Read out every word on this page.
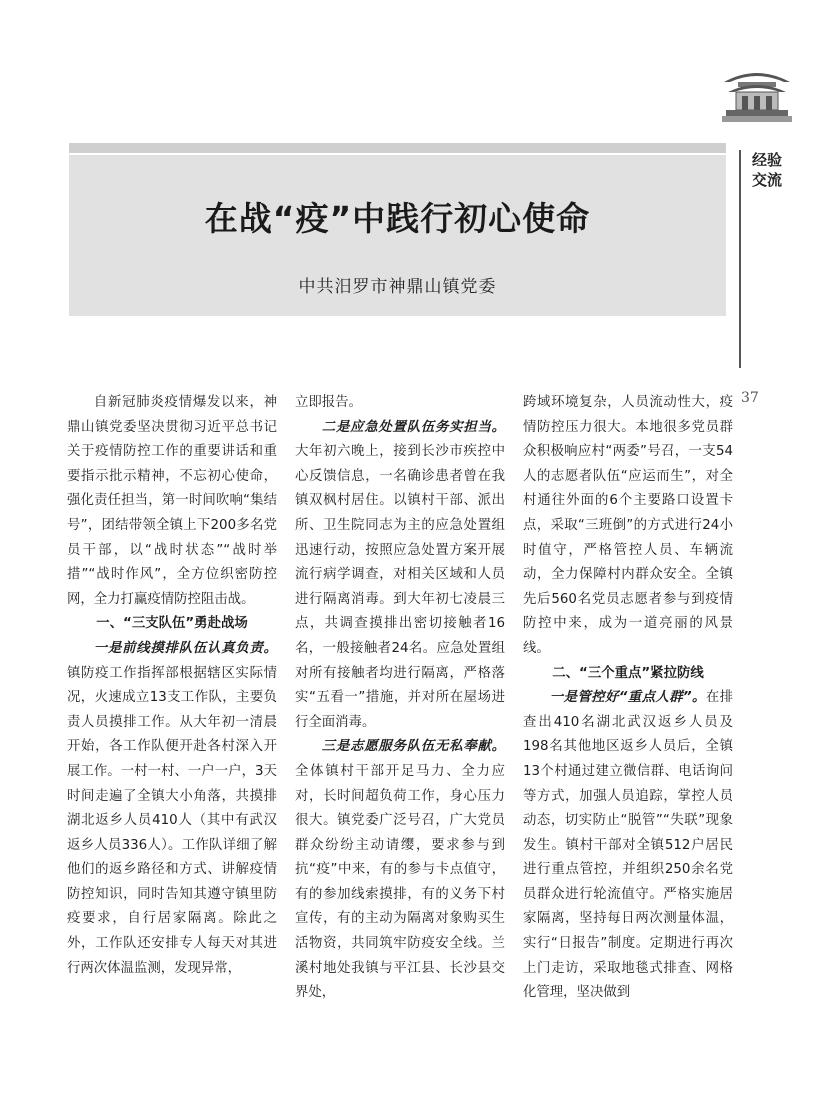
经验交流
37
在战“疫”中践行初心使命
中共汨罗市神鼎山镇党委

自新冠肺炎疫情爆发以来，神鼎山镇党委坚决贯彻习近平总书记关于疫情防控工作的重要讲话和重要指示批示精神，不忘初心使命，强化责任担当，第一时间吹响“集结号”，团结带领全镇上下200多名党员干部，以“战时状态”“战时举措”“战时作风”，全方位织密防控网，全力打赢疫情防控阻击战。

一、“三支队伍”勇赴战场

一是前线摸排队伍认真负责。镇防疫工作指挥部根据辖区实际情况，火速成立13支工作队，主要负责人员摸排工作。从大年初一清晨开始，各工作队便开赴各村深入开展工作。一村一村、一户一户，3天时间走遍了全镇大小角落，共摸排湖北返乡人员410人（其中有武汉返乡人员336人）。工作队详细了解他们的返乡路径和方式、讲解疫情防控知识，同时告知其遵守镇里防疫要求，自行居家隔离。除此之外，工作队还安排专人每天对其进行两次体温监测，发现异常，

立即报告。

二是应急处置队伍务实担当。大年初六晚上，接到长沙市疾控中心反馈信息，一名确诊患者曾在我镇双枫村居住。以镇村干部、派出所、卫生院同志为主的应急处置组迅速行动，按照应急处置方案开展流行病学调查，对相关区域和人员进行隔离消毒。到大年初七凌晨三点，共调查摸排出密切接触者16名，一般接触者24名。应急处置组对所有接触者均进行隔离，严格落实“五看一”措施，并对所在屋场进行全面消毒。

三是志愿服务队伍无私奉献。全体镇村干部开足马力、全力应对，长时间超负荷工作，身心压力很大。镇党委广泛号召，广大党员群众纷纷主动请缨，要求参与到抗“疫”中来，有的参与卡点值守，有的参加线索摸排，有的义务下村宣传，有的主动为隔离对象购买生活物资，共同筑牢防疫安全线。兰溪村地处我镇与平江县、长沙县交界处，

跨域环境复杂，人员流动性大，疫情防控压力很大。本地很多党员群众积极响应村“两委”号召，一支54人的志愿者队伍“应运而生”，对全村通往外面的6个主要路口设置卡点，采取“三班倒”的方式进行24小时值守，严格管控人员、车辆流动，全力保障村内群众安全。全镇先后560名党员志愿者参与到疫情防控中来，成为一道亮丽的风景线。

二、“三个重点”紧拉防线

一是管控好“重点人群”。在排查出410名湖北武汉返乡人员及198名其他地区返乡人员后，全镇13个村通过建立微信群、电话询问等方式，加强人员追踪，掌控人员动态，切实防止“脱管”“失联”现象发生。镇村干部对全镇512户居民进行重点管控，并组织250余名党员群众进行轮流值守。严格实施居家隔离，坚持每日两次测量体温，实行“日报告”制度。定期进行再次上门走访，采取地毯式排查、网格化管理，坚决做到
